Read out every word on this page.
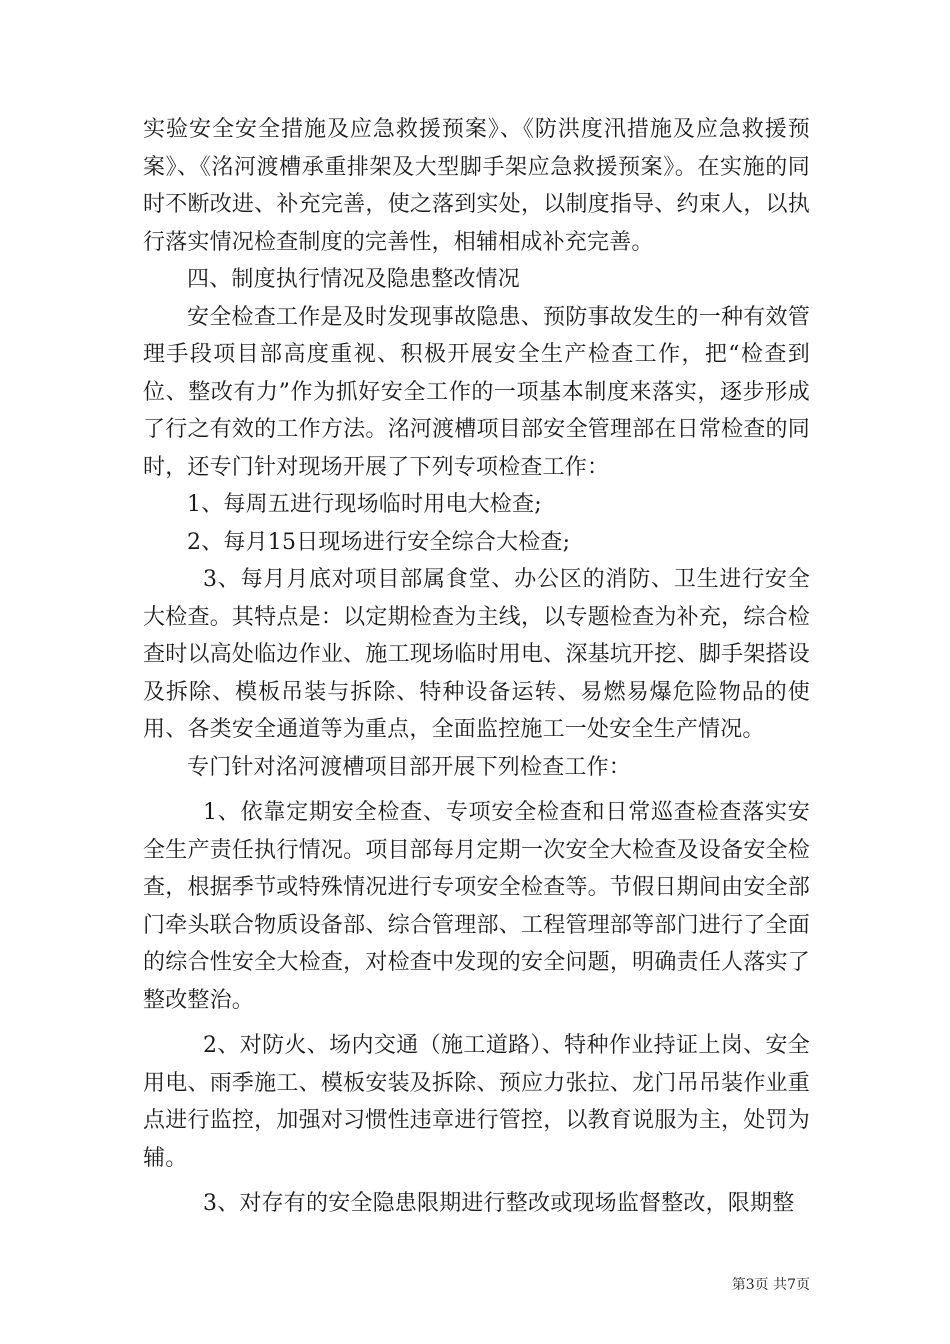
实验安全安全措施及应急救援预案》、《防洪度汛措施及应急救援预案》、《洺河渡槽承重排架及大型脚手架应急救援预案》。在实施的同时不断改进、补充完善，使之落到实处，以制度指导、约束人，以执行落实情况检查制度的完善性，相辅相成补充完善。

四、制度执行情况及隐患整改情况

安全检查工作是及时发现事故隐患、预防事故发生的一种有效管理手段项目部高度重视、积极开展安全生产检查工作，把“检查到位、整改有力”作为抓好安全工作的一项基本制度来落实，逐步形成了行之有效的工作方法。洺河渡槽项目部安全管理部在日常检查的同时，还专门针对现场开展了下列专项检查工作：

1、每周五进行现场临时用电大检查;

2、每月15日现场进行安全综合大检查;

3、每月月底对项目部属食堂、办公区的消防、卫生进行安全大检查。其特点是：以定期检查为主线，以专题检查为补充，综合检查时以高处临边作业、施工现场临时用电、深基坑开挖、脚手架搭设及拆除、模板吊装与拆除、特种设备运转、易燃易爆危险物品的使用、各类安全通道等为重点，全面监控施工一处安全生产情况。

专门针对洺河渡槽项目部开展下列检查工作：

1、依靠定期安全检查、专项安全检查和日常巡查检查落实安全生产责任执行情况。项目部每月定期一次安全大检查及设备安全检查，根据季节或特殊情况进行专项安全检查等。节假日期间由安全部门牵头联合物质设备部、综合管理部、工程管理部等部门进行了全面的综合性安全大检查，对检查中发现的安全问题，明确责任人落实了整改整治。

2、对防火、场内交通（施工道路）、特种作业持证上岗、安全用电、雨季施工、模板安装及拆除、预应力张拉、龙门吊吊装作业重点进行监控，加强对习惯性违章进行管控，以教育说服为主，处罚为辅。

3、对存有的安全隐患限期进行整改或现场监督整改，限期整

第3页 共7页
